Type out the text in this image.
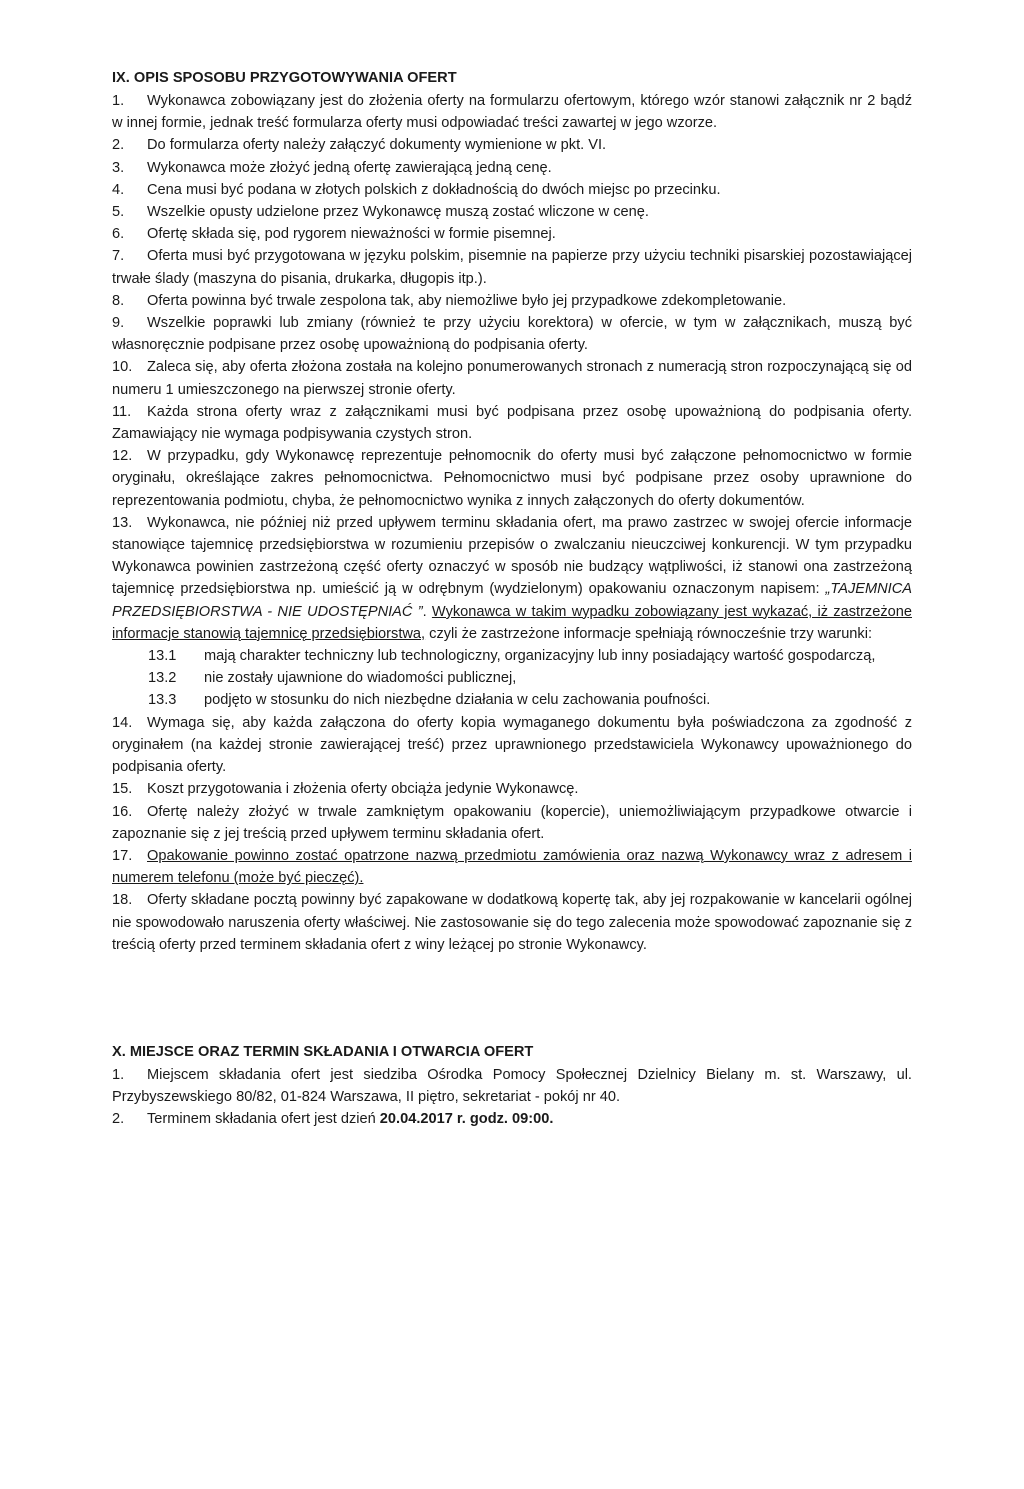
IX. OPIS SPOSOBU PRZYGOTOWYWANIA OFERT

1. Wykonawca zobowiązany jest do złożenia oferty na formularzu ofertowym, którego wzór stanowi załącznik nr 2 bądź w innej formie, jednak treść formularza oferty musi odpowiadać treści zawartej w jego wzorze.

2. Do formularza oferty należy załączyć dokumenty wymienione w pkt. VI.

3. Wykonawca może złożyć jedną ofertę zawierającą jedną cenę.

4. Cena musi być podana w złotych polskich z dokładnością do dwóch miejsc po przecinku.

5. Wszelkie opusty udzielone przez Wykonawcę muszą zostać wliczone w cenę.

6. Ofertę składa się, pod rygorem nieważności w formie pisemnej.

7. Oferta musi być przygotowana w języku polskim, pisemnie na papierze przy użyciu techniki pisarskiej pozostawiającej trwałe ślady (maszyna do pisania, drukarka, długopis itp.).

8. Oferta powinna być trwale zespolona tak, aby niemożliwe było jej przypadkowe zdekompletowanie.

9. Wszelkie poprawki lub zmiany (również te przy użyciu korektora) w ofercie, w tym w załącznikach, muszą być własnoręcznie podpisane przez osobę upoważnioną do podpisania oferty.

10. Zaleca się, aby oferta złożona została na kolejno ponumerowanych stronach z numeracją stron rozpoczynającą się od numeru 1 umieszczonego na pierwszej stronie oferty.

11. Każda strona oferty wraz z załącznikami musi być podpisana przez osobę upoważnioną do podpisania oferty. Zamawiający nie wymaga podpisywania czystych stron.

12. W przypadku, gdy Wykonawcę reprezentuje pełnomocnik do oferty musi być załączone pełnomocnictwo w formie oryginału, określające zakres pełnomocnictwa. Pełnomocnictwo musi być podpisane przez osoby uprawnione do reprezentowania podmiotu, chyba, że pełnomocnictwo wynika z innych załączonych do oferty dokumentów.

13. Wykonawca, nie później niż przed upływem terminu składania ofert, ma prawo zastrzec w swojej ofercie informacje stanowiące tajemnicę przedsiębiorstwa w rozumieniu przepisów o zwalczaniu nieuczciwej konkurencji. W tym przypadku Wykonawca powinien zastrzeżoną część oferty oznaczyć w sposób nie budzący wątpliwości, iż stanowi ona zastrzeżoną tajemnicę przedsiębiorstwa np. umieścić ją w odrębnym (wydzielonym) opakowaniu oznaczonym napisem: „TAJEMNICA PRZEDSIĘBIORSTWA - NIE UDOSTĘPNIAĆ ”. Wykonawca w takim wypadku zobowiązany jest wykazać, iż zastrzeżone informacje stanowią tajemnicę przedsiębiorstwa, czyli że zastrzeżone informacje spełniają równocześnie trzy warunki:

13.1 mają charakter techniczny lub technologiczny, organizacyjny lub inny posiadający wartość gospodarczą,
13.2 nie zostały ujawnione do wiadomości publicznej,
13.3 podjęto w stosunku do nich niezbędne działania w celu zachowania poufności.

14. Wymaga się, aby każda załączona do oferty kopia wymaganego dokumentu była poświadczona za zgodność z oryginałem (na każdej stronie zawierającej treść) przez uprawnionego przedstawiciela Wykonawcy upoważnionego do podpisania oferty.

15. Koszt przygotowania i złożenia oferty obciąża jedynie Wykonawcę.

16. Ofertę należy złożyć w trwale zamkniętym opakowaniu (kopercie), uniemożliwiającym przypadkowe otwarcie i zapoznanie się z jej treścią przed upływem terminu składania ofert.

17. Opakowanie powinno zostać opatrzone nazwą przedmiotu zamówienia oraz nazwą Wykonawcy wraz z adresem i numerem telefonu (może być pieczęć).

18. Oferty składane pocztą powinny być zapakowane w dodatkową kopertę tak, aby jej rozpakowanie w kancelarii ogólnej nie spowodowało naruszenia oferty właściwej. Nie zastosowanie się do tego zalecenia może spowodować zapoznanie się z treścią oferty przed terminem składania ofert z winy leżącej po stronie Wykonawcy.

X. MIEJSCE ORAZ TERMIN SKŁADANIA I OTWARCIA OFERT

1. Miejscem składania ofert jest siedziba Ośrodka Pomocy Społecznej Dzielnicy Bielany m. st. Warszawy, ul. Przybyszewskiego 80/82, 01-824 Warszawa, II piętro, sekretariat - pokój nr 40.

2. Terminem składania ofert jest dzień 20.04.2017 r. godz. 09:00.
